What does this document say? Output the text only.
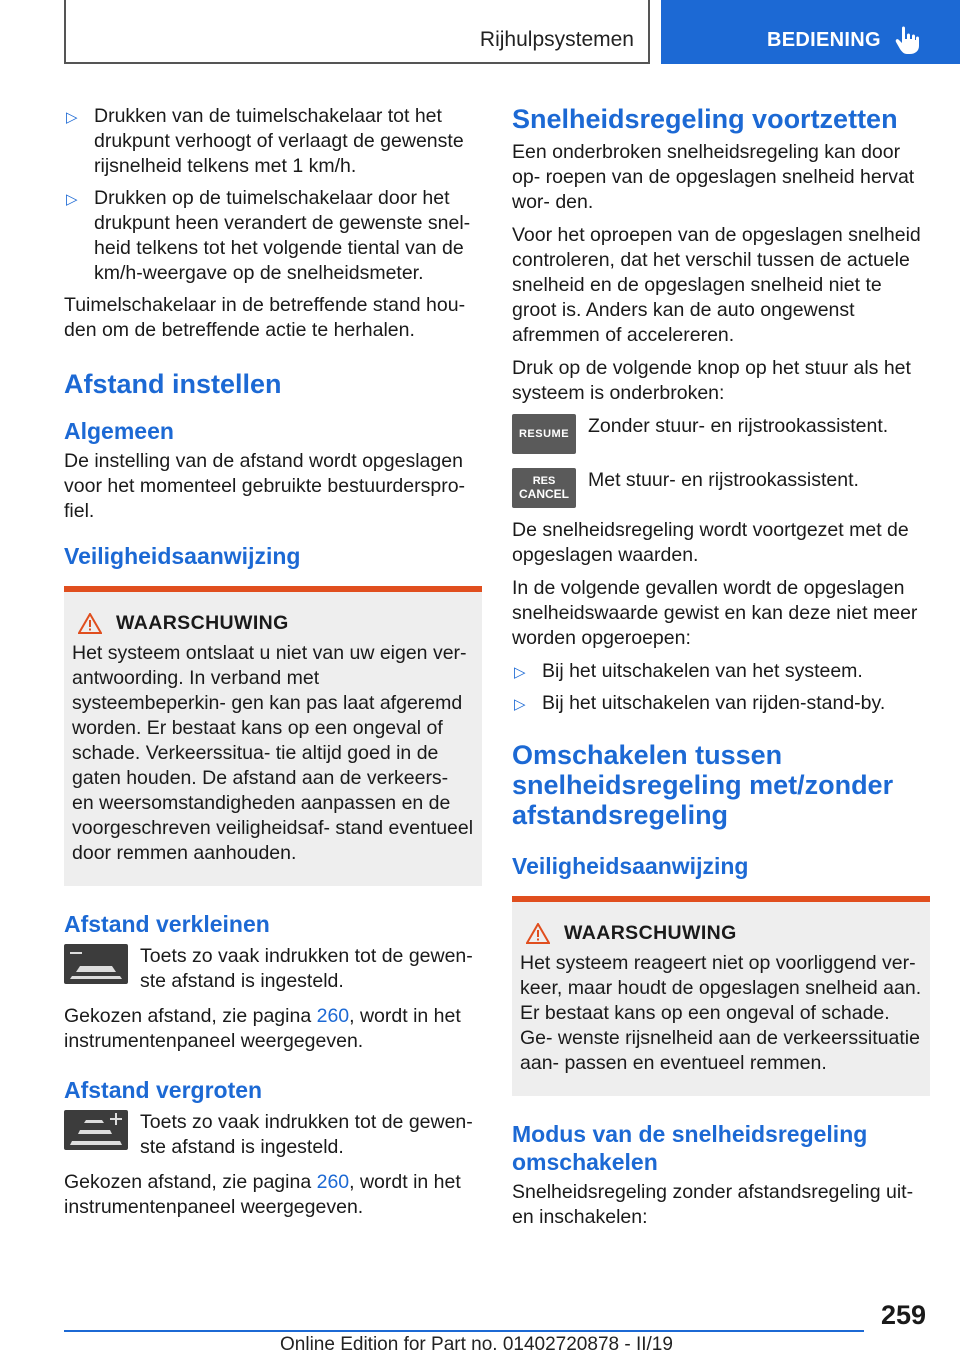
Rijhulpsystemen	BEDIENING
▷ Drukken van de tuimelschakelaar tot het drukpunt verhoogt of verlaagt de gewenste rijsnelheid telkens met 1 km/h.
▷ Drukken op de tuimelschakelaar door het drukpunt heen verandert de gewenste snel- heid telkens tot het volgende tiental van de km/h-weergave op de snelheidsmeter.

Tuimelschakelaar in de betreffende stand hou- den om de betreffende actie te herhalen.

Afstand instellen
Algemeen

De instelling van de afstand wordt opgeslagen voor het momenteel gebruikte bestuurderspro- fiel.

Veiligheidsaanwijzing
WAARSCHUWING

Het systeem ontslaat u niet van uw eigen ver- antwoording. In verband met systeembeperkin- gen kan pas laat afgeremd worden. Er bestaat kans op een ongeval of schade. Verkeerssitua- tie altijd goed in de gaten houden. De afstand aan de verkeers- en weersomstandigheden aanpassen en de voorgeschreven veiligheidsaf- stand eventueel door remmen aanhouden.

Afstand verkleinen
Toets zo vaak indrukken tot de gewen- ste afstand is ingesteld.

Gekozen afstand, zie pagina 260, wordt in het instrumentenpaneel weergegeven.

Afstand vergroten
Toets zo vaak indrukken tot de gewen- ste afstand is ingesteld.

Gekozen afstand, zie pagina 260, wordt in het instrumentenpaneel weergegeven.

Snelheidsregeling voortzetten

Een onderbroken snelheidsregeling kan door op- roepen van de opgeslagen snelheid hervat wor- den.

Voor het oproepen van de opgeslagen snelheid controleren, dat het verschil tussen de actuele snelheid en de opgeslagen snelheid niet te groot is. Anders kan de auto ongewenst afremmen of accelereren.

Druk op de volgende knop op het stuur als het systeem is onderbroken:

RESUME Zonder stuur- en rijstrookassistent.
RES
CANCEL
Met stuur- en rijstrookassistent.

De snelheidsregeling wordt voortgezet met de opgeslagen waarden.

In de volgende gevallen wordt de opgeslagen snelheidswaarde gewist en kan deze niet meer worden opgeroepen:

▷ Bij het uitschakelen van het systeem.
▷ Bij het uitschakelen van rijden-stand-by.
Omschakelen tussen snelheidsregeling met/zonder afstandsregeling
Veiligheidsaanwijzing
WAARSCHUWING

Het systeem reageert niet op voorliggend ver- keer, maar houdt de opgeslagen snelheid aan. Er bestaat kans op een ongeval of schade. Ge- wenste rijsnelheid aan de verkeerssituatie aan- passen en eventueel remmen.

Modus van de snelheidsregeling omschakelen

Snelheidsregeling zonder afstandsregeling uit- en inschakelen:

259
Online Edition for Part no. 01402720878 - II/19
